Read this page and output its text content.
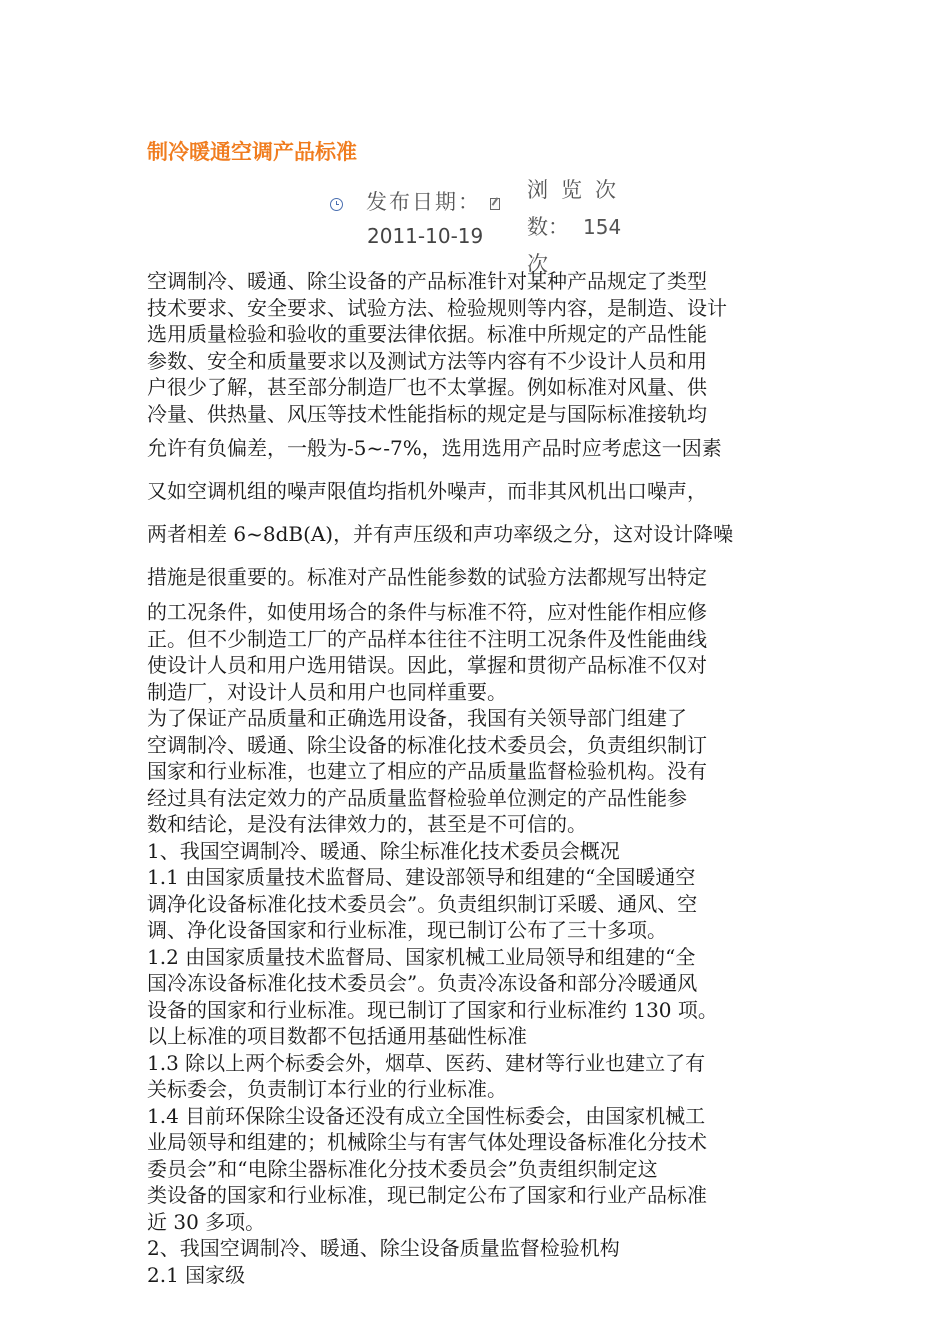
制冷暖通空调产品标准
发布日期：
2011-10-19
浏览次
数： 154
次

空调制冷、暖通、除尘设备的产品标准针对某种产品规定了类型

技术要求、安全要求、试验方法、检验规则等内容，是制造、设计

选用质量检验和验收的重要法律依据。标准中所规定的产品性能

参数、安全和质量要求以及测试方法等内容有不少设计人员和用

户很少了解，甚至部分制造厂也不太掌握。例如标准对风量、供

冷量、供热量、风压等技术性能指标的规定是与国际标准接轨均

允许有负偏差，一般为-5~-7%，选用选用产品时应考虑这一因素

又如空调机组的噪声限值均指机外噪声，而非其风机出口噪声，

两者相差 6~8dB(A)，并有声压级和声功率级之分，这对设计降噪

措施是很重要的。标准对产品性能参数的试验方法都规写出特定

的工况条件，如使用场合的条件与标准不符，应对性能作相应修

正。但不少制造工厂的产品样本往往不注明工况条件及性能曲线

使设计人员和用户选用错误。因此，掌握和贯彻产品标准不仅对

制造厂，对设计人员和用户也同样重要。

为了保证产品质量和正确选用设备，我国有关领导部门组建了

空调制冷、暖通、除尘设备的标准化技术委员会，负责组织制订

国家和行业标准，也建立了相应的产品质量监督检验机构。没有

经过具有法定效力的产品质量监督检验单位测定的产品性能参

数和结论，是没有法律效力的，甚至是不可信的。

1、我国空调制冷、暖通、除尘标准化技术委员会概况

1.1 由国家质量技术监督局、建设部领导和组建的“全国暖通空

调净化设备标准化技术委员会”。负责组织制订采暖、通风、空

调、净化设备国家和行业标准，现已制订公布了三十多项。

1.2 由国家质量技术监督局、国家机械工业局领导和组建的“全

国冷冻设备标准化技术委员会”。负责冷冻设备和部分冷暖通风

设备的国家和行业标准。现已制订了国家和行业标准约 130 项。

以上标准的项目数都不包括通用基础性标准

1.3 除以上两个标委会外，烟草、医药、建材等行业也建立了有

关标委会，负责制订本行业的行业标准。

1.4 目前环保除尘设备还没有成立全国性标委会，由国家机械工

业局领导和组建的；机械除尘与有害气体处理设备标准化分技术

委员会”和“电除尘器标准化分技术委员会”负责组织制定这

类设备的国家和行业标准，现已制定公布了国家和行业产品标准

近 30 多项。

2、我国空调制冷、暖通、除尘设备质量监督检验机构

2.1 国家级
